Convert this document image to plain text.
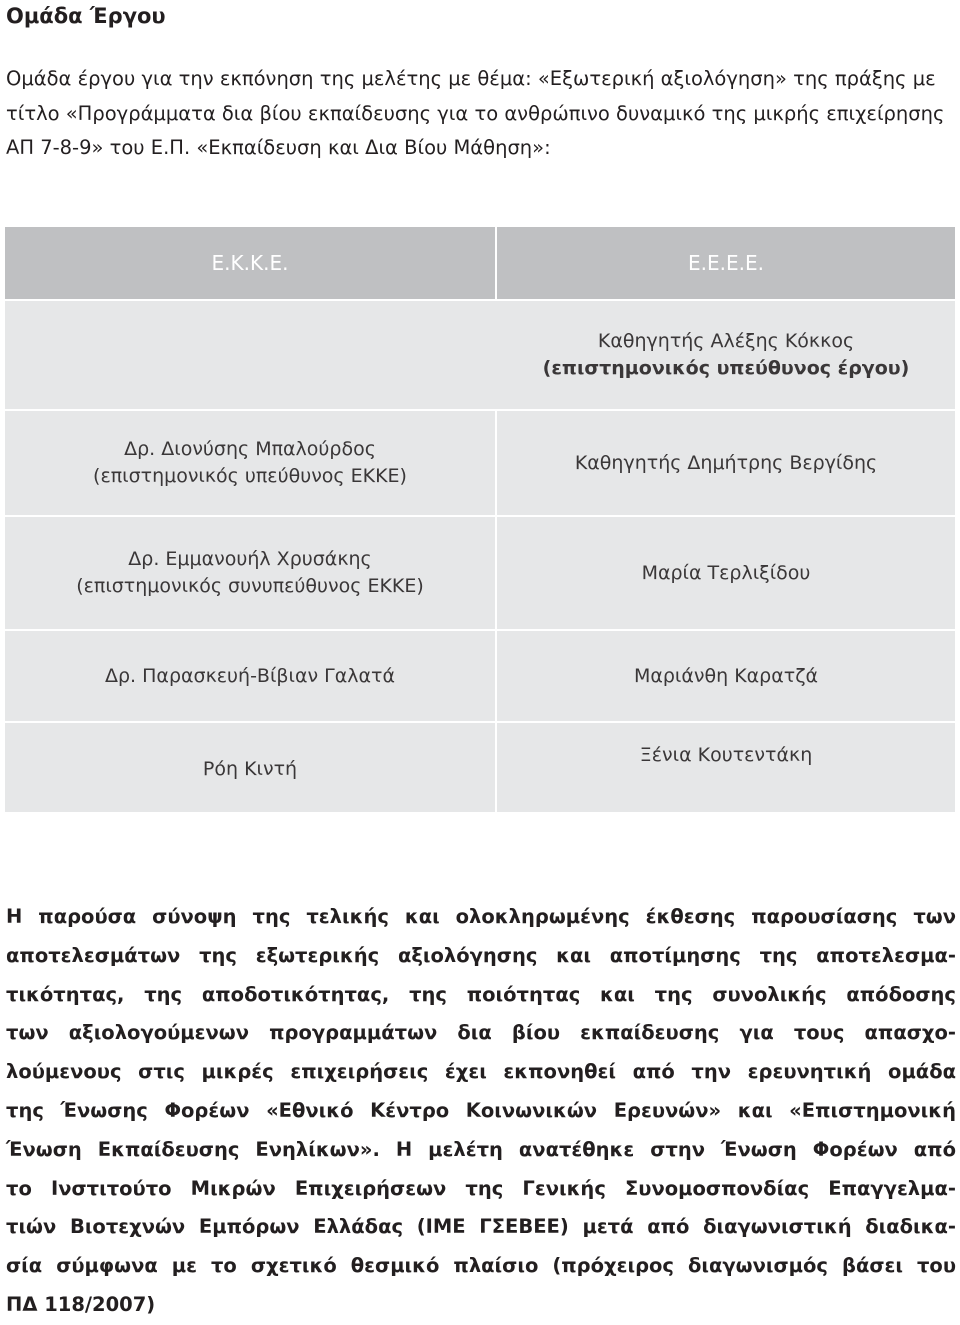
Ομάδα Έργου
Ομάδα έργου για την εκπόνηση της μελέτης με θέμα: «Εξωτερική αξιολόγηση» της πράξης με
τίτλο «Προγράμματα δια βίου εκπαίδευσης για το ανθρώπινο δυναμικό της μικρής επιχείρησης
ΑΠ 7-8-9» του Ε.Π. «Εκπαίδευση και Δια Βίου Μάθηση»:
Ε.Κ.Κ.Ε.	Ε.Ε.Ε.Ε.
Καθηγητής Αλέξης Κόκκος
(επιστημονικός υπεύθυνος έργου)
Δρ. Διονύσης Μπαλούρδος
(επιστημονικός υπεύθυνος ΕΚΚΕ)
Καθηγητής Δημήτρης Βεργίδης
Δρ. Εμμανουήλ Χρυσάκης
(επιστημονικός συνυπεύθυνος ΕΚΚΕ)
Μαρία Τερλιξίδου
Δρ. Παρασκευή-Βίβιαν Γαλατά	Μαριάνθη Καρατζά
Ρόη Κιντή
Ξένια Κουτεντάκη
Η παρούσα σύνοψη της τελικής και ολοκληρωμένης έκθεσης παρουσίασης των
αποτελεσμάτων της εξωτερικής αξιολόγησης και αποτίμησης της αποτελεσμα-
τικότητας, της αποδοτικότητας, της ποιότητας και της συνολικής απόδοσης
των αξιολογούμενων προγραμμάτων δια βίου εκπαίδευσης για τους απασχο-
λούμενους στις μικρές επιχειρήσεις έχει εκπονηθεί από την ερευνητική ομάδα
της Ένωσης Φορέων «Εθνικό Κέντρο Κοινωνικών Ερευνών» και «Επιστημονική
Ένωση Εκπαίδευσης Ενηλίκων». Η μελέτη ανατέθηκε στην Ένωση Φορέων από
το Ινστιτούτο Μικρών Επιχειρήσεων της Γενικής Συνομοσπονδίας Επαγγελμα-
τιών Βιοτεχνών Εμπόρων Ελλάδας (ΙΜΕ ΓΣΕΒΕΕ) μετά από διαγωνιστική διαδικα-
σία σύμφωνα με το σχετικό θεσμικό πλαίσιο (πρόχειρος διαγωνισμός βάσει του
ΠΔ 118/2007)
